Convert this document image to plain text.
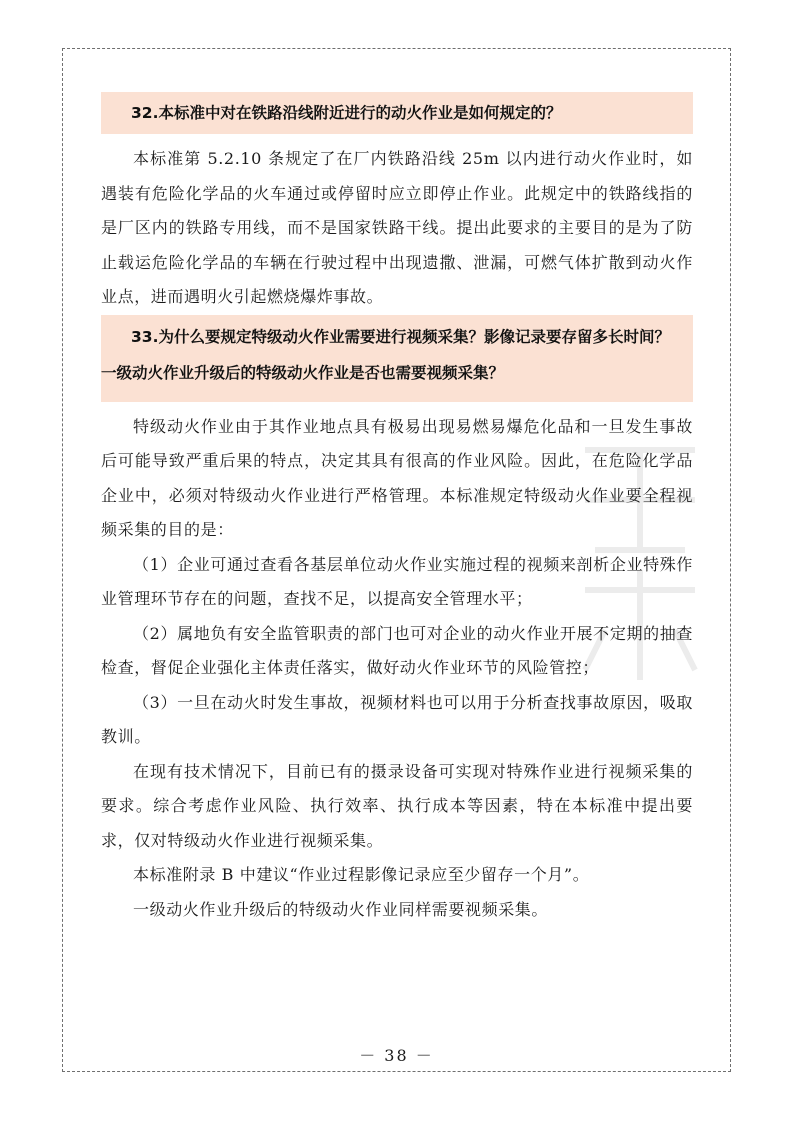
32.本标准中对在铁路沿线附近进行的动火作业是如何规定的？

本标准第 5.2.10 条规定了在厂内铁路沿线 25m 以内进行动火作业时，如遇装有危险化学品的火车通过或停留时应立即停止作业。此规定中的铁路线指的是厂区内的铁路专用线，而不是国家铁路干线。提出此要求的主要目的是为了防止载运危险化学品的车辆在行驶过程中出现遗撒、泄漏，可燃气体扩散到动火作业点，进而遇明火引起燃烧爆炸事故。

33.为什么要规定特级动火作业需要进行视频采集？影像记录要存留多长时间？
一级动火作业升级后的特级动火作业是否也需要视频采集？

特级动火作业由于其作业地点具有极易出现易燃易爆危化品和一旦发生事故后可能导致严重后果的特点，决定其具有很高的作业风险。因此，在危险化学品企业中，必须对特级动火作业进行严格管理。本标准规定特级动火作业要全程视频采集的目的是：

（1）企业可通过查看各基层单位动火作业实施过程的视频来剖析企业特殊作业管理环节存在的问题，查找不足，以提高安全管理水平；

（2）属地负有安全监管职责的部门也可对企业的动火作业开展不定期的抽查检查，督促企业强化主体责任落实，做好动火作业环节的风险管控；

（3）一旦在动火时发生事故，视频材料也可以用于分析查找事故原因，吸取教训。

在现有技术情况下，目前已有的摄录设备可实现对特殊作业进行视频采集的要求。综合考虑作业风险、执行效率、执行成本等因素，特在本标准中提出要求，仅对特级动火作业进行视频采集。

本标准附录 B 中建议“作业过程影像记录应至少留存一个月”。

一级动火作业升级后的特级动火作业同样需要视频采集。

－ 38 －
